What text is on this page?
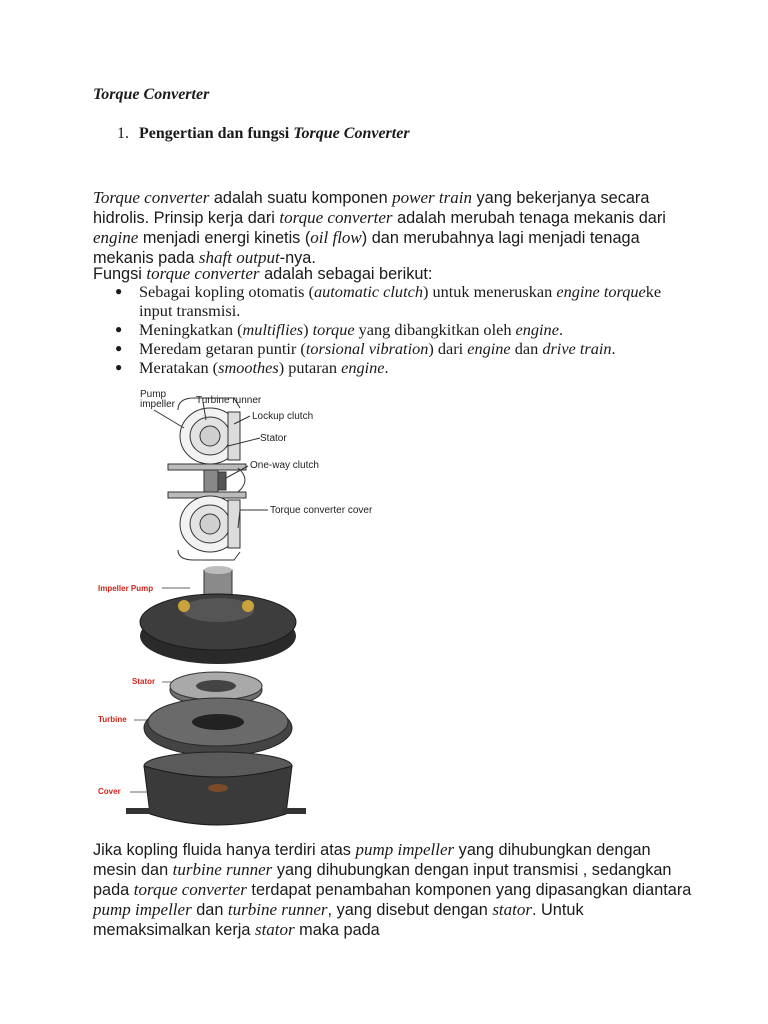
Torque Converter
1. Pengertian dan fungsi Torque Converter

Torque converter adalah suatu komponen power train yang bekerjanya secara hidrolis. Prinsip kerja dari torque converter adalah merubah tenaga mekanis dari engine menjadi energi kinetis (oil flow) dan merubahnya lagi menjadi tenaga mekanis pada shaft output-nya.

Fungsi torque converter adalah sebagai berikut:

● Sebagai kopling otomatis (automatic clutch) untuk meneruskan engine torqueke input transmisi.
● Meningkatkan (multiflies) torque yang dibangkitkan oleh engine.
● Meredam getaran puntir (torsional vibration) dari engine dan drive train.
● Meratakan (smoothes) putaran engine.
Pump
impeller Turbine runner
Lockup clutch
Stator
One-way clutch
Torque converter cover
Impeller Pump
Stator
Turbine
Cover

Jika kopling fluida hanya terdiri atas pump impeller yang dihubungkan dengan mesin dan turbine runner yang dihubungkan dengan input transmisi , sedangkan pada torque converter terdapat penambahan komponen yang dipasangkan diantara pump impeller dan turbine runner, yang disebut dengan stator. Untuk memaksimalkan kerja stator maka pada
